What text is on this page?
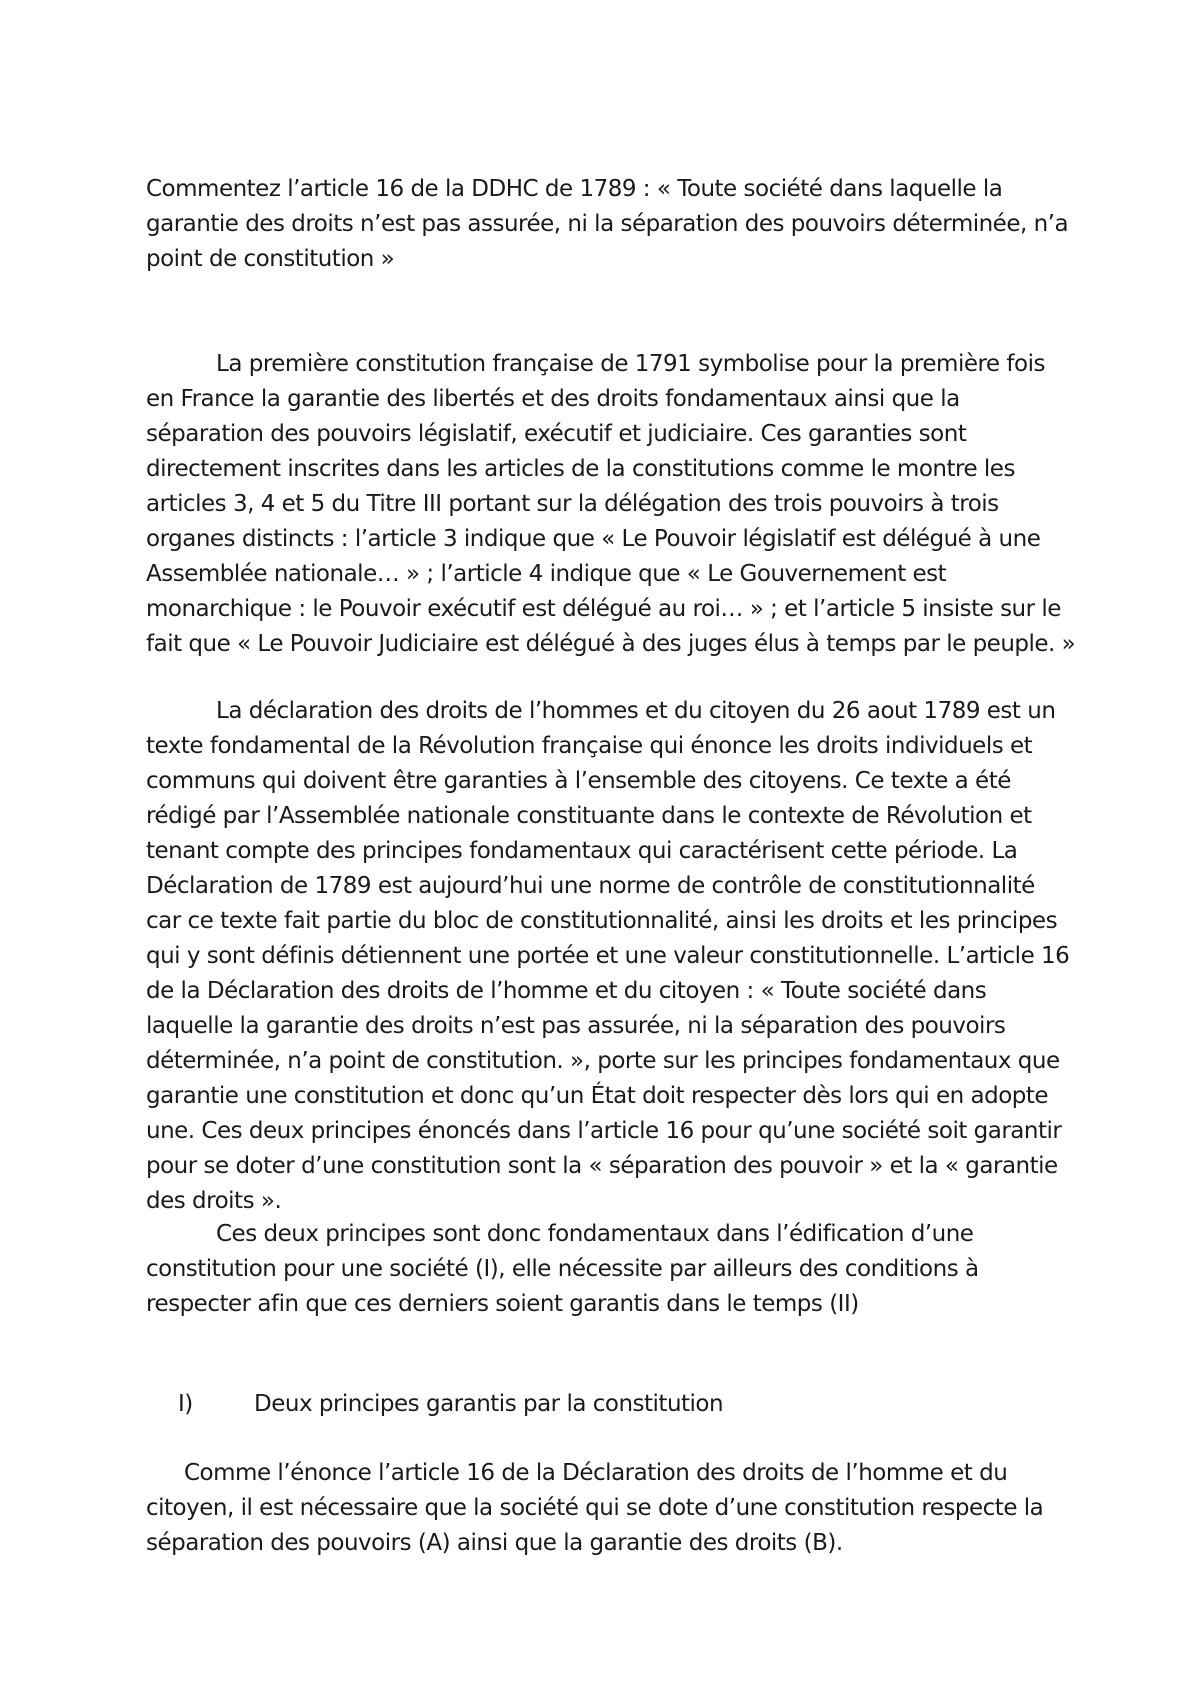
Commentez l’article 16 de la DDHC de 1789 : « Toute société dans laquelle la garantie des droits n’est pas assurée, ni la séparation des pouvoirs déterminée, n’a point de constitution »

La première constitution française de 1791 symbolise pour la première fois en France la garantie des libertés et des droits fondamentaux ainsi que la séparation des pouvoirs législatif, exécutif et judiciaire. Ces garanties sont directement inscrites dans les articles de la constitutions comme le montre les articles 3, 4 et 5 du Titre III portant sur la délégation des trois pouvoirs à trois organes distincts : l’article 3 indique que « Le Pouvoir législatif est délégué à une Assemblée nationale… » ; l’article 4 indique que « Le Gouvernement est monarchique : le Pouvoir exécutif est délégué au roi… » ; et l’article 5 insiste sur le fait que « Le Pouvoir Judiciaire est délégué à des juges élus à temps par le peuple. »

La déclaration des droits de l’hommes et du citoyen du 26 aout 1789 est un texte fondamental de la Révolution française qui énonce les droits individuels et communs qui doivent être garanties à l’ensemble des citoyens. Ce texte a été rédigé par l’Assemblée nationale constituante dans le contexte de Révolution et tenant compte des principes fondamentaux qui caractérisent cette période. La Déclaration de 1789 est aujourd’hui une norme de contrôle de constitutionnalité car ce texte fait partie du bloc de constitutionnalité, ainsi les droits et les principes qui y sont définis détiennent une portée et une valeur constitutionnelle. L’article 16 de la Déclaration des droits de l’homme et du citoyen : « Toute société dans laquelle la garantie des droits n’est pas assurée, ni la séparation des pouvoirs déterminée, n’a point de constitution. », porte sur les principes fondamentaux que garantie une constitution et donc qu’un État doit respecter dès lors qui en adopte une. Ces deux principes énoncés dans l’article 16 pour qu’une société soit garantir pour se doter d’une constitution sont la « séparation des pouvoir » et la « garantie des droits ».

Ces deux principes sont donc fondamentaux dans l’édification d’une constitution pour une société (I), elle nécessite par ailleurs des conditions à respecter afin que ces derniers soient garantis dans le temps (II)

I)	Deux principes garantis par la constitution

Comme l’énonce l’article 16 de la Déclaration des droits de l’homme et du citoyen, il est nécessaire que la société qui se dote d’une constitution respecte la séparation des pouvoirs (A) ainsi que la garantie des droits (B).
